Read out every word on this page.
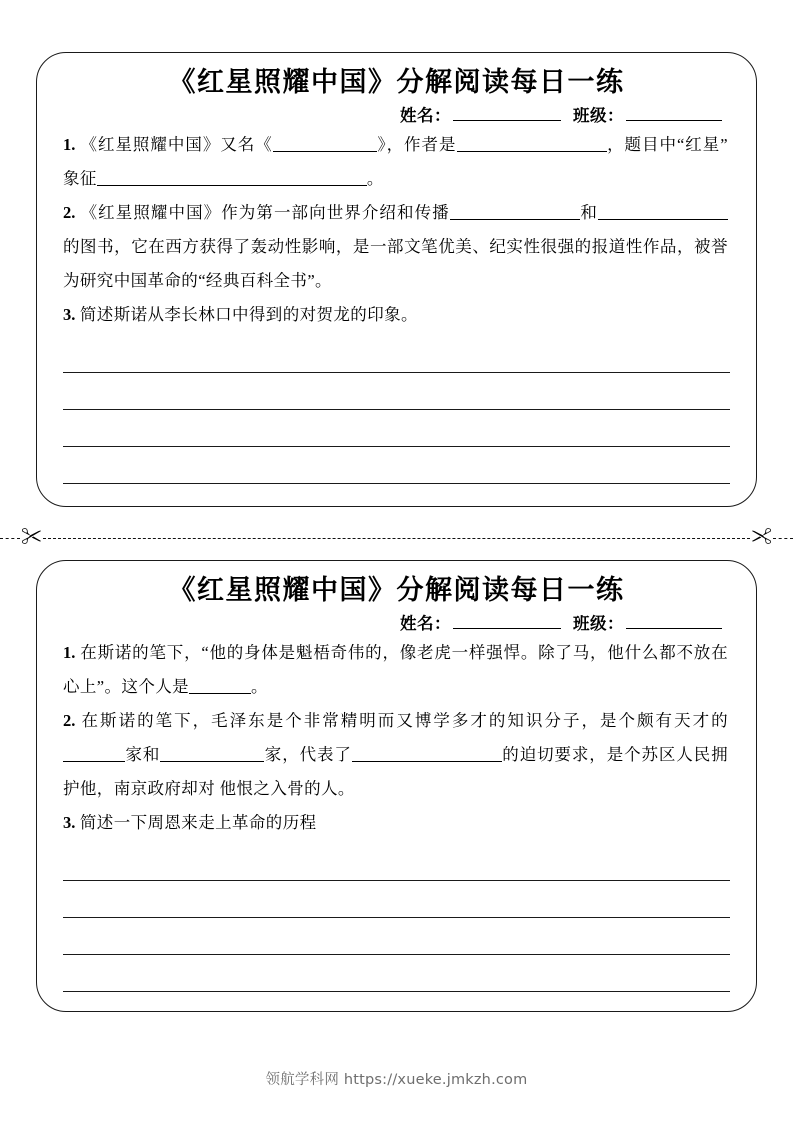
《红星照耀中国》分解阅读每日一练
姓名：	班级：

1. 《红星照耀中国》又名《	》，作者是	，题目中“红星”象征	。

2. 《红星照耀中国》作为第一部向世界介绍和传播	和的图书，它在西方获得了轰动性影响，是一部文笔优美、纪实性很强的报道性作品，被誉为研究中国革命的“经典百科全书”。

3. 简述斯诺从李长林口中得到的对贺龙的印象。

✂	✂
《红星照耀中国》分解阅读每日一练
姓名：	班级：

1. 在斯诺的笔下，“他的身体是魁梧奇伟的，像老虎一样强悍。除了马，他什么都不放在心上”。这个人是	。

2. 在斯诺的笔下，毛泽东是个非常精明而又博学多才的知识分子，是个颇有天才的家和	家，代表了	的迫切要求，是个苏区人民拥护他，南京政府却对 他恨之入骨的人。

3. 简述一下周恩来走上革命的历程

领航学科网 https://xueke.jmkzh.com
